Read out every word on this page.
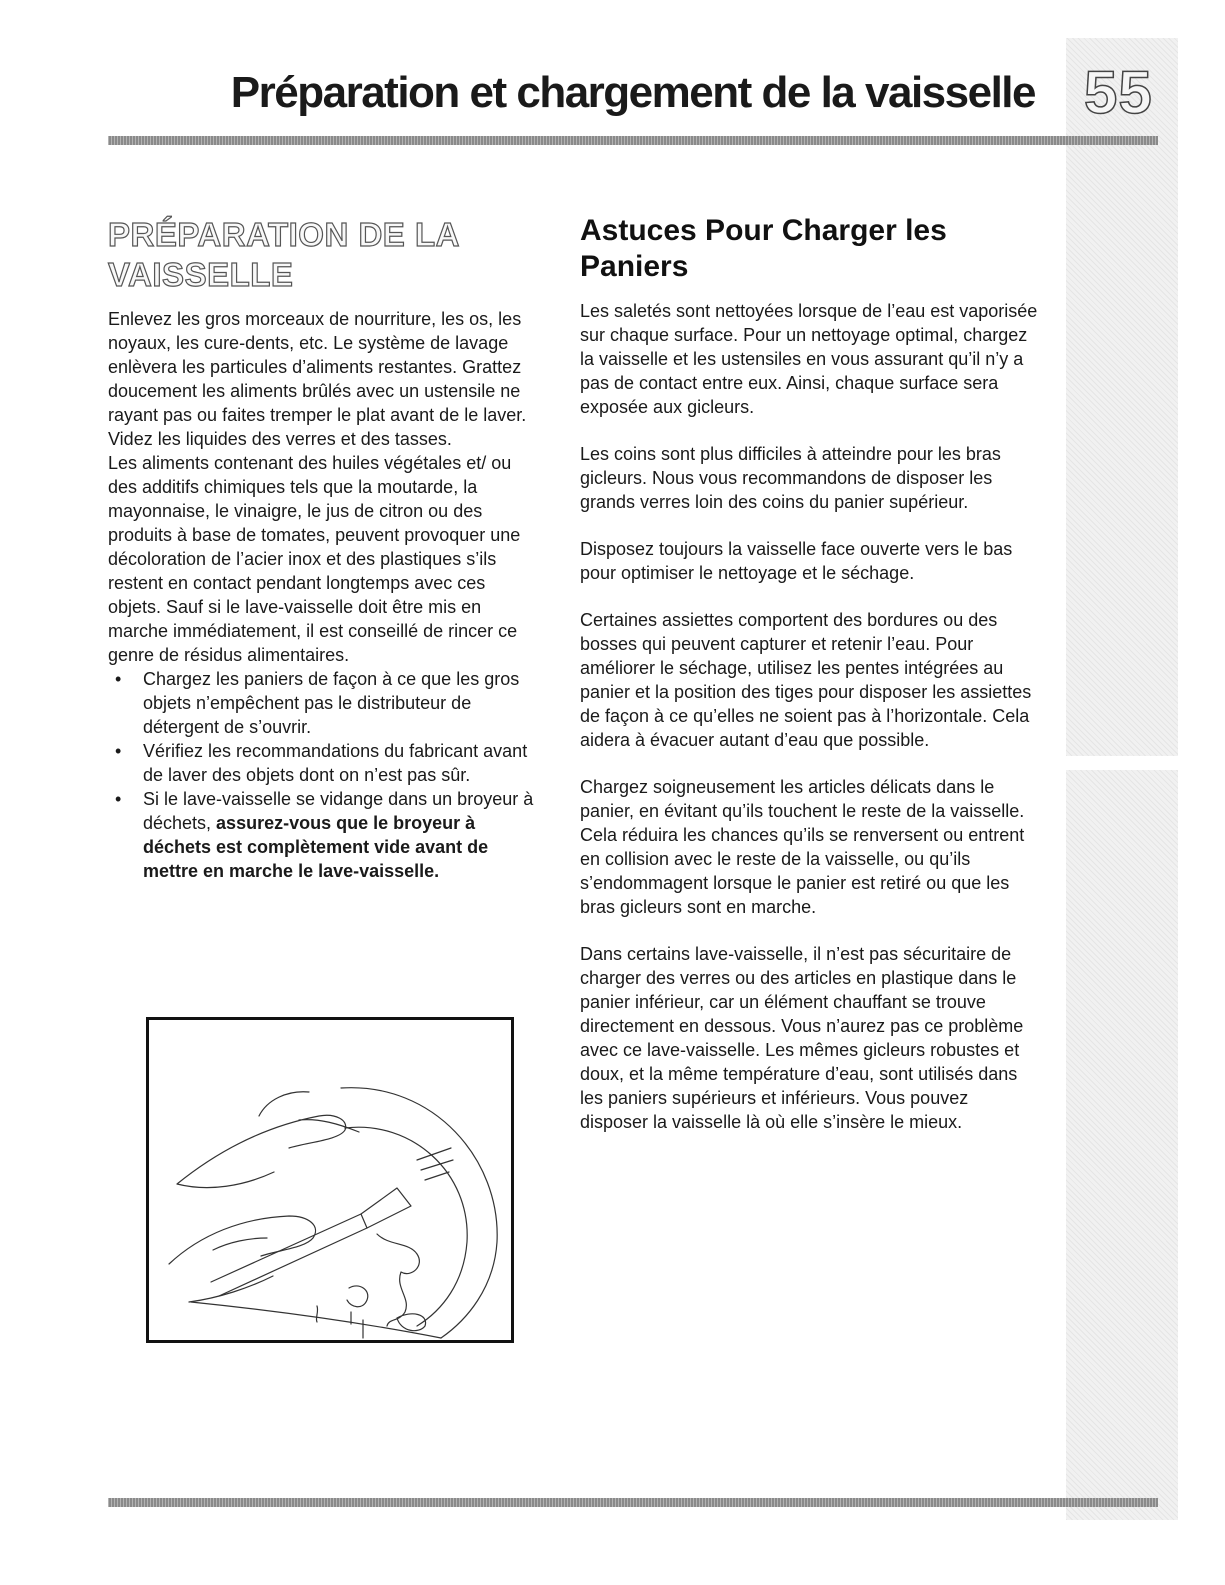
Préparation et chargement de la vaisselle 55
PRÉPARATION DE LA
VAISSELLE

Enlevez les gros morceaux de nourriture, les os, les noyaux, les cure-dents, etc. Le système de lavage enlèvera les particules d’aliments restantes. Grattez doucement les aliments brûlés avec un ustensile ne rayant pas ou faites tremper le plat avant de le laver. Videz les liquides des verres et des tasses.

Les aliments contenant des huiles végétales et/ ou des additifs chimiques tels que la moutarde, la mayonnaise, le vinaigre, le jus de citron ou des produits à base de tomates, peuvent provoquer une décoloration de l’acier inox et des plastiques s’ils restent en contact pendant longtemps avec ces objets. Sauf si le lave-vaisselle doit être mis en marche immédiatement, il est conseillé de rincer ce genre de résidus alimentaires.

• Chargez les paniers de façon à ce que les gros objets n’empêchent pas le distributeur de détergent de s’ouvrir.
• Vérifiez les recommandations du fabricant avant de laver des objets dont on n’est pas sûr.
• Si le lave-vaisselle se vidange dans un broyeur à déchets, assurez-vous que le broyeur à déchets est complètement vide avant de mettre en marche le lave-vaisselle.
Astuces Pour Charger les Paniers

Les saletés sont nettoyées lorsque de l’eau est vaporisée sur chaque surface. Pour un nettoyage optimal, chargez la vaisselle et les ustensiles en vous assurant qu’il n’y a pas de contact entre eux. Ainsi, chaque surface sera exposée aux gicleurs.

Les coins sont plus difficiles à atteindre pour les bras gicleurs. Nous vous recommandons de disposer les grands verres loin des coins du panier supérieur.

Disposez toujours la vaisselle face ouverte vers le bas pour optimiser le nettoyage et le séchage.

Certaines assiettes comportent des bordures ou des bosses qui peuvent capturer et retenir l’eau. Pour améliorer le séchage, utilisez les pentes intégrées au panier et la position des tiges pour disposer les assiettes de façon à ce qu’elles ne soient pas à l’horizontale. Cela aidera à évacuer autant d’eau que possible.

Chargez soigneusement les articles délicats dans le panier, en évitant qu’ils touchent le reste de la vaisselle. Cela réduira les chances qu’ils se renversent ou entrent en collision avec le reste de la vaisselle, ou qu’ils s’endommagent lorsque le panier est retiré ou que les bras gicleurs sont en marche.

Dans certains lave-vaisselle, il n’est pas sécuritaire de charger des verres ou des articles en plastique dans le panier inférieur, car un élément chauffant se trouve directement en dessous. Vous n’aurez pas ce problème avec ce lave-vaisselle. Les mêmes gicleurs robustes et doux, et la même température d’eau, sont utilisés dans les paniers supérieurs et inférieurs. Vous pouvez disposer la vaisselle là où elle s’insère le mieux.
